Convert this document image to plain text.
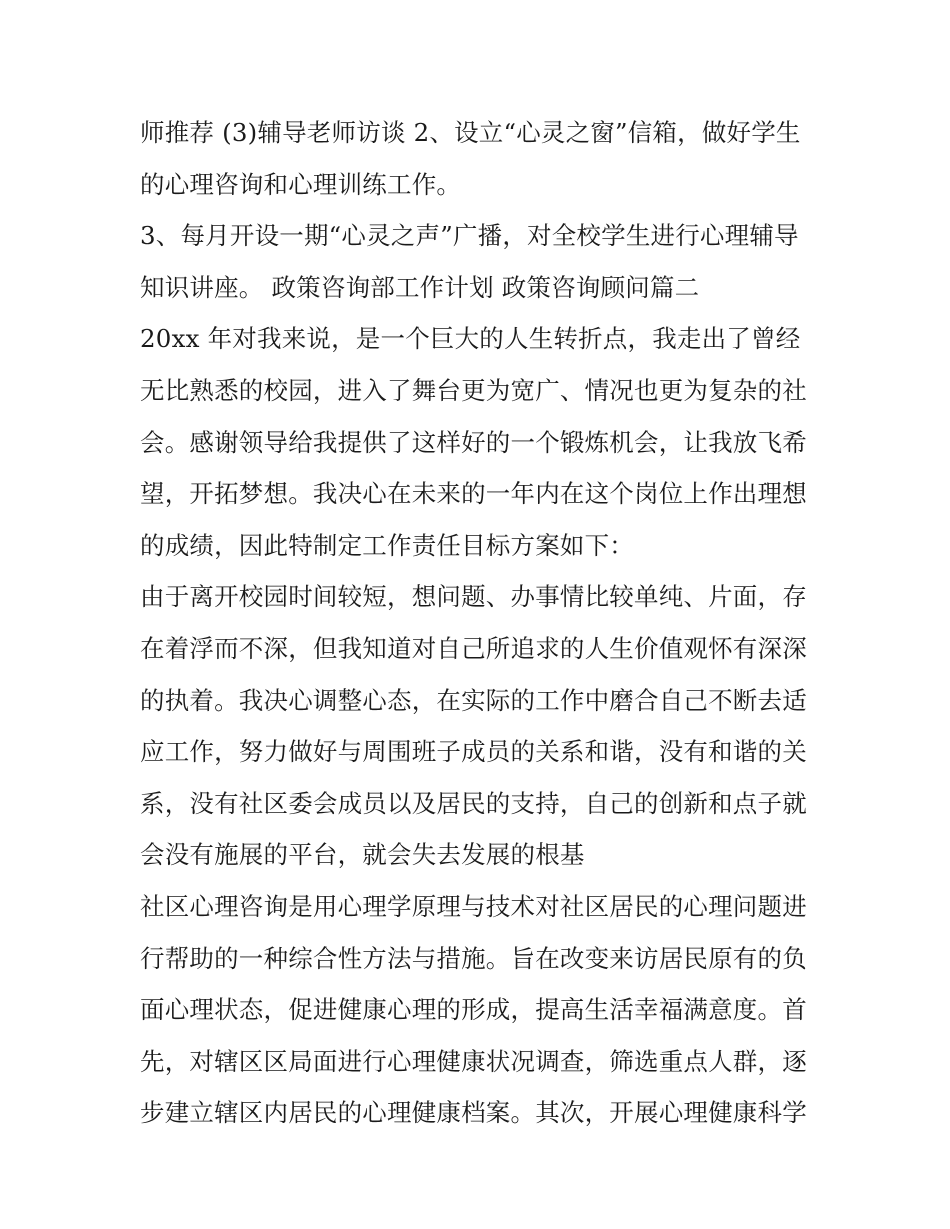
师推荐 (3)辅导老师访谈 2、设立“心灵之窗”信箱，做好学生
的心理咨询和心理训练工作。
3、每月开设一期“心灵之声”广播，对全校学生进行心理辅导
知识讲座。 政策咨询部工作计划 政策咨询顾问篇二
20xx 年对我来说，是一个巨大的人生转折点，我走出了曾经
无比熟悉的校园，进入了舞台更为宽广、情况也更为复杂的社
会。感谢领导给我提供了这样好的一个锻炼机会，让我放飞希
望，开拓梦想。我决心在未来的一年内在这个岗位上作出理想
的成绩，因此特制定工作责任目标方案如下：
由于离开校园时间较短，想问题、办事情比较单纯、片面，存
在着浮而不深，但我知道对自己所追求的人生价值观怀有深深
的执着。我决心调整心态，在实际的工作中磨合自己不断去适
应工作，努力做好与周围班子成员的关系和谐，没有和谐的关
系，没有社区委会成员以及居民的支持，自己的创新和点子就
会没有施展的平台，就会失去发展的根基
社区心理咨询是用心理学原理与技术对社区居民的心理问题进
行帮助的一种综合性方法与措施。旨在改变来访居民原有的负
面心理状态，促进健康心理的形成，提高生活幸福满意度。首
先，对辖区区局面进行心理健康状况调查，筛选重点人群，逐
步建立辖区内居民的心理健康档案。其次，开展心理健康科学
